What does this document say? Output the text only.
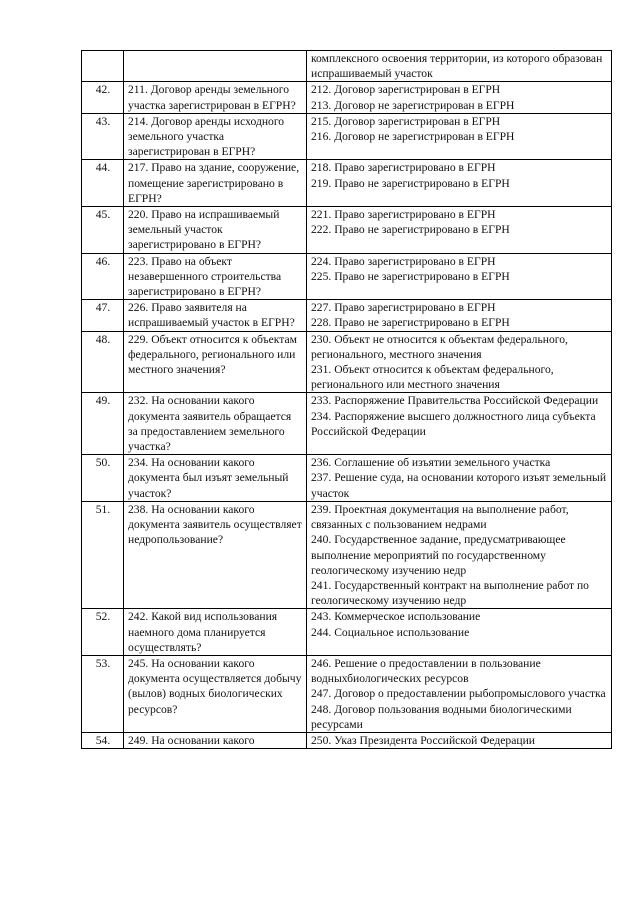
		комплексного освоения территории, из которого образован испрашиваемый участок

42.	211. Договор аренды земельного участка зарегистрирован в ЕГРН?	212. Договор зарегистрирован в ЕГРН
213. Договор не зарегистрирован в ЕГРН

43.	214. Договор аренды исходного земельного участка зарегистрирован в ЕГРН?	215. Договор зарегистрирован в ЕГРН
216. Договор не зарегистрирован в ЕГРН

44.	217. Право на здание, сооружение, помещение зарегистрировано в ЕГРН?	218. Право зарегистрировано в ЕГРН
219. Право не зарегистрировано в ЕГРН

45.	220. Право на испрашиваемый земельный участок зарегистрировано в ЕГРН?	221. Право зарегистрировано в ЕГРН
222. Право не зарегистрировано в ЕГРН

46.	223. Право на объект незавершенного строительства зарегистрировано в ЕГРН?	224. Право зарегистрировано в ЕГРН
225. Право не зарегистрировано в ЕГРН

47.	226. Право заявителя на испрашиваемый участок в ЕГРН?	227. Право зарегистрировано в ЕГРН
228. Право не зарегистрировано в ЕГРН

48.	229. Объект относится к объектам федерального, регионального или местного значения?	230. Объект не относится к объектам федерального, регионального, местного значения
231. Объект относится к объектам федерального, регионального или местного значения

49.	232. На основании какого документа заявитель обращается за предоставлением земельного участка?	233. Распоряжение Правительства Российской Федерации
234. Распоряжение высшего должностного лица субъекта Российской Федерации

50.	234. На основании какого документа был изъят земельный участок?	236. Соглашение об изъятии земельного участка
237. Решение суда, на основании которого изъят земельный участок

51.	238. На основании какого документа заявитель осуществляет недропользование?	239. Проектная документация на выполнение работ, связанных с пользованием недрами
240. Государственное задание, предусматривающее выполнение мероприятий по государственному геологическому изучению недр
241. Государственный контракт на выполнение работ по геологическому изучению недр

52.	242. Какой вид использования наемного дома планируется осуществлять?	243. Коммерческое использование
244. Социальное использование

53.	245. На основании какого документа осуществляется добычу (вылов) водных биологических ресурсов?	246. Решение о предоставлении в пользование водныхбиологических ресурсов
247. Договор о предоставлении рыбопромыслового участка
248. Договор пользования водными биологическими ресурсами

54.	249. На основании какого	250. Указ Президента Российской Федерации
